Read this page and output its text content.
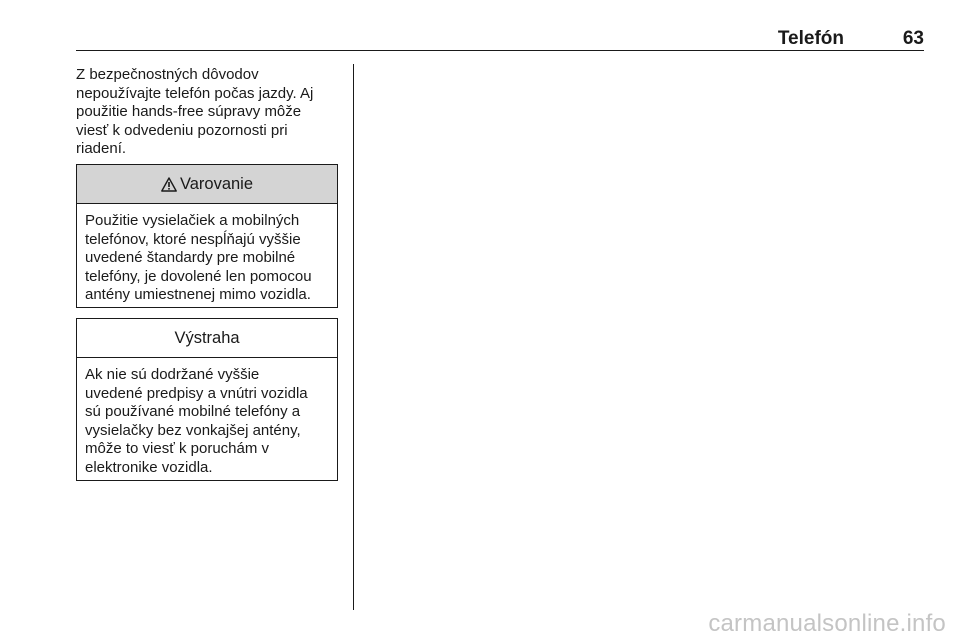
Telefón	63
Z bezpečnostných dôvodov
nepoužívajte telefón počas jazdy. Aj
použitie hands-free súpravy môže
viesť k odvedeniu pozornosti pri
riadení.
Varovanie
Použitie vysielačiek a mobilných
telefónov, ktoré nespĺňajú vyššie
uvedené štandardy pre mobilné
telefóny, je dovolené len pomocou
antény umiestnenej mimo vozidla.
Výstraha
Ak nie sú dodržané vyššie
uvedené predpisy a vnútri vozidla
sú používané mobilné telefóny a
vysielačky bez vonkajšej antény,
môže to viesť k poruchám v
elektronike vozidla.
carmanualsonline.info
